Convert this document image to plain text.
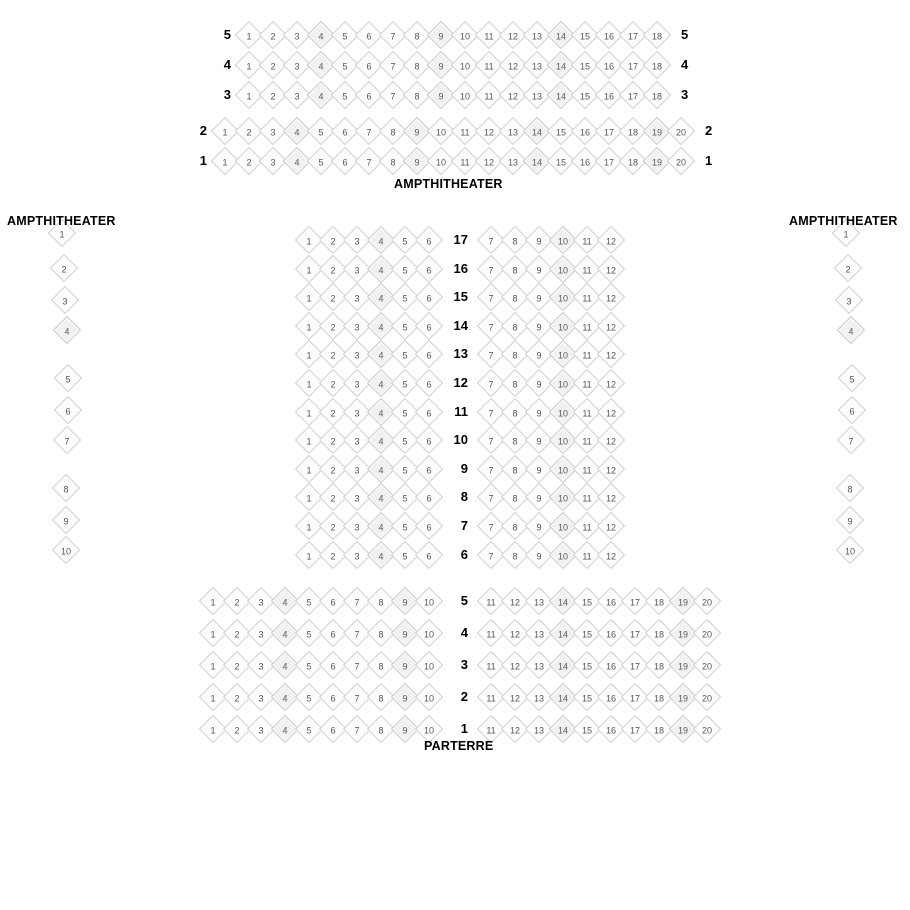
1	2	3	4	5	6	7	8	9	10	11	12	13	14	15	16	17	18
5	5
1	2	3	4	5	6	7	8	9	10	11	12	13	14	15	16	17	18
4	4
1	2	3	4	5	6	7	8	9	10	11	12	13	14	15	16	17	18
3	3
1	2	3	4	5	6	7	8	9	10	11	12	13	14	15	16	17	18	19	20
2	2
1	2	3	4	5	6	7	8	9	10	11	12	13	14	15	16	17	18	19	20
1	1
AMPTHITHEATER
1
2
3
4
5
6
7
8
9
10
AMPTHITHEATER
1
2
3
4
5
6
7
8
9
10
AMPTHITHEATER
1	2	3	4	5	6	7	8	9	10	11	12
17
1	2	3	4	5	6	7	8	9	10	11	12
16
1	2	3	4	5	6	7	8	9	10	11	12
15
1	2	3	4	5	6	7	8	9	10	11	12
14
1	2	3	4	5	6	7	8	9	10	11	12
13
1	2	3	4	5	6	7	8	9	10	11	12
12
1	2	3	4	5	6	7	8	9	10	11	12
11
1	2	3	4	5	6	7	8	9	10	11	12
10
1	2	3	4	5	6	7	8	9	10	11	12
9
1	2	3	4	5	6	7	8	9	10	11	12
8
1	2	3	4	5	6	7	8	9	10	11	12
7
1	2	3	4	5	6	7	8	9	10	11	12
6
1	2	3	4	5	6	7	8	9	10	11	12	13	14	15	16	17	18	19	20
5
1	2	3	4	5	6	7	8	9	10	11	12	13	14	15	16	17	18	19	20
4
1	2	3	4	5	6	7	8	9	10	11	12	13	14	15	16	17	18	19	20
3
1	2	3	4	5	6	7	8	9	10	11	12	13	14	15	16	17	18	19	20
2
1	2	3	4	5	6	7	8	9	10	11	12	13	14	15	16	17	18	19	20
1
PARTERRE
